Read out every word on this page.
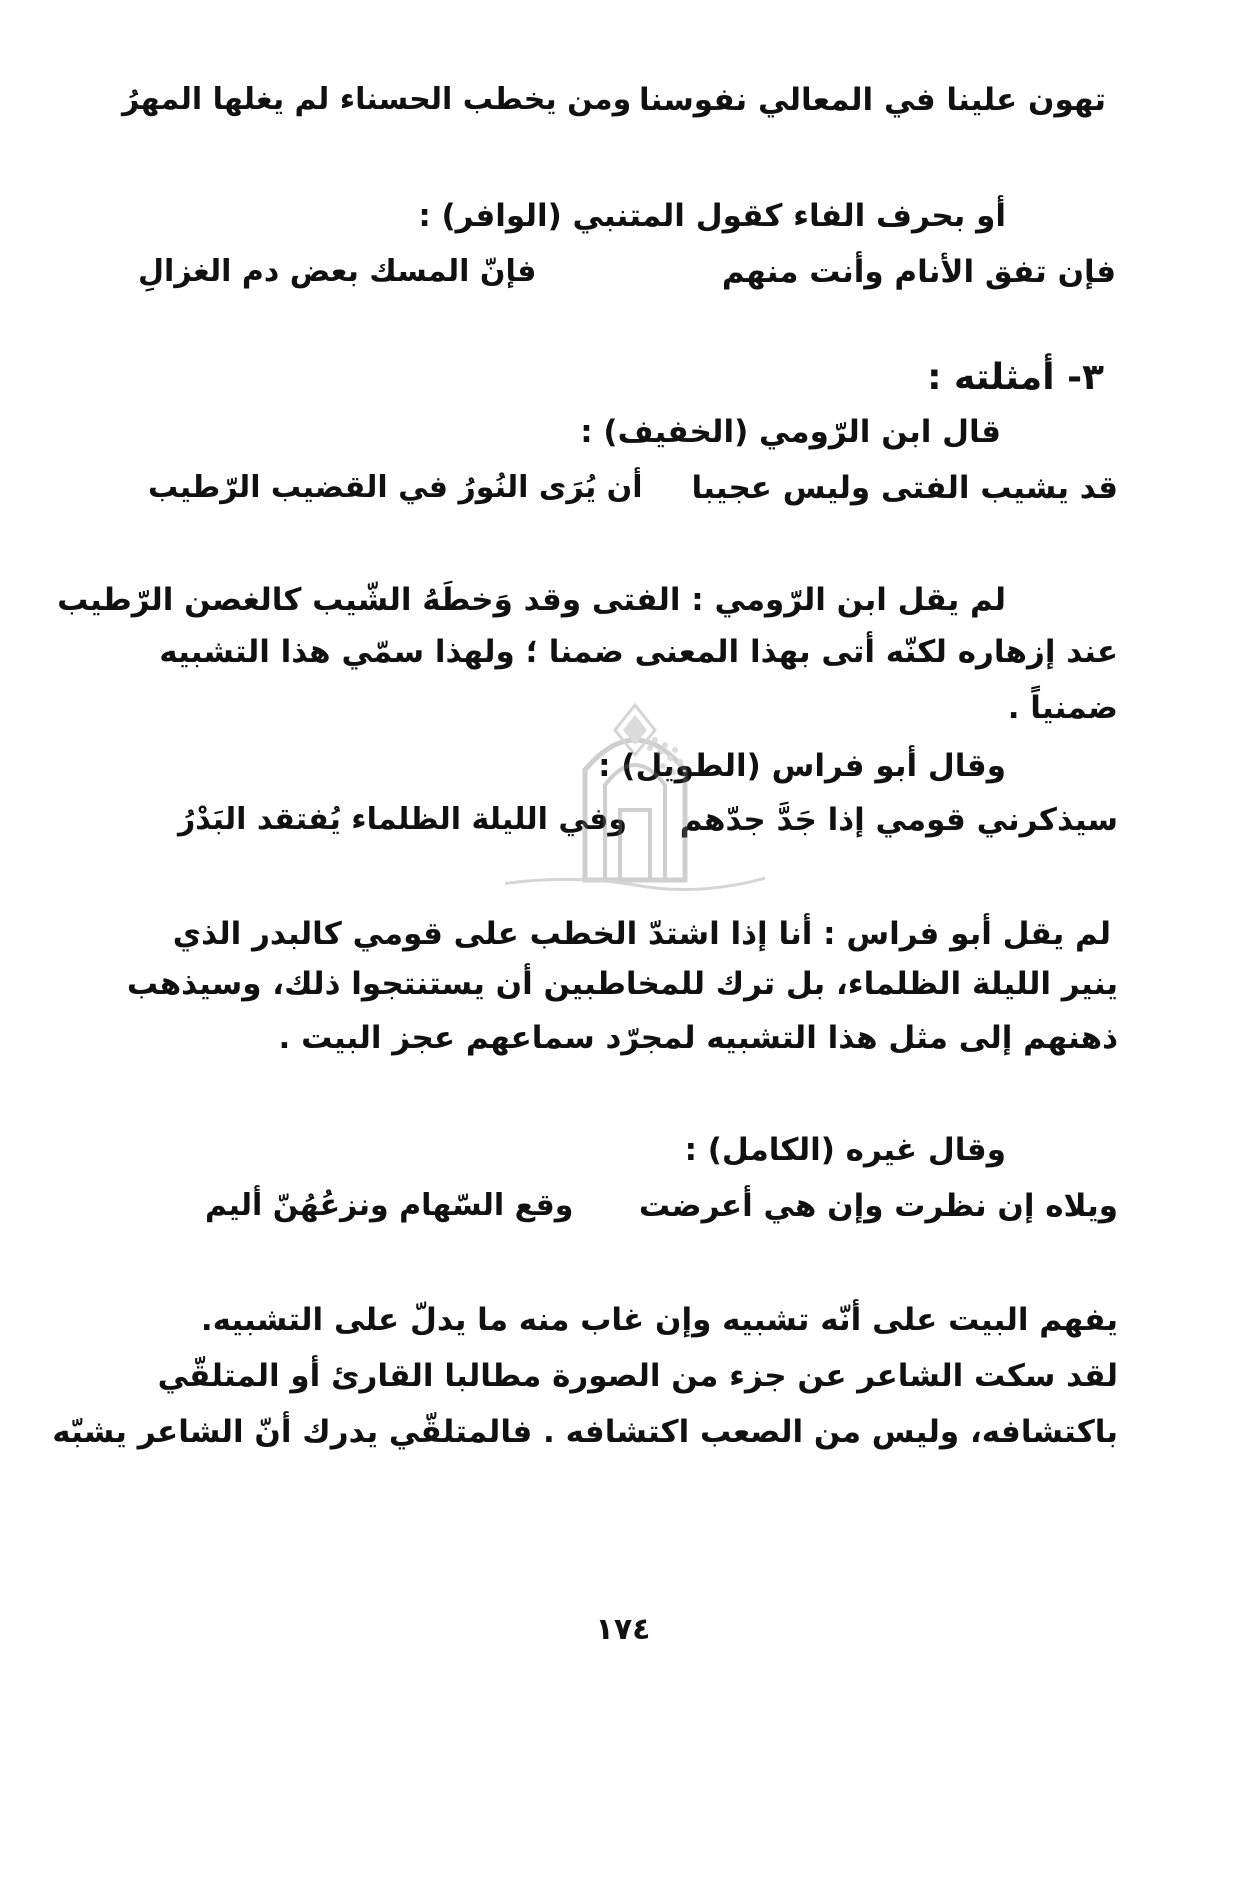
تهون علينا في المعالي نفوسنا
ومن يخطب الحسناء لم يغلها المهرُ
أو بحرف الفاء كقول المتنبي (الوافر) :
فإن تفق الأنام وأنت منهم
فإنّ المسك بعض دم الغزالِ
٣- أمثلته :
قال ابن الرّومي (الخفيف) :
قد يشيب الفتى وليس عجيبا
أن يُرَى النُورُ في القضيب الرّطيب
لم يقل ابن الرّومي : الفتى وقد وَخطَهُ الشّيب كالغصن الرّطيب
عند إزهاره لكنّه أتى بهذا المعنى ضمنا ؛ ولهذا سمّي هذا التشبيه
ضمنياً .
وقال أبو فراس (الطويل) :
سيذكرني قومي إذا جَدَّ جدّهم
وفي الليلة الظلماء يُفتقد البَدْرُ
لم يقل أبو فراس : أنا إذا اشتدّ الخطب على قومي كالبدر الذي
ينير الليلة الظلماء، بل ترك للمخاطبين أن يستنتجوا ذلك، وسيذهب
ذهنهم إلى مثل هذا التشبيه لمجرّد سماعهم عجز البيت .
وقال غيره (الكامل) :
ويلاه إن نظرت وإن هي أعرضت
وقع السّهام ونزعُهُنّ أليم
يفهم البيت على أنّه تشبيه وإن غاب منه ما يدلّ على التشبيه.
لقد سكت الشاعر عن جزء من الصورة مطالبا القارئ أو المتلقّي
باكتشافه، وليس من الصعب اكتشافه . فالمتلقّي يدرك أنّ الشاعر يشبّه
١٧٤
